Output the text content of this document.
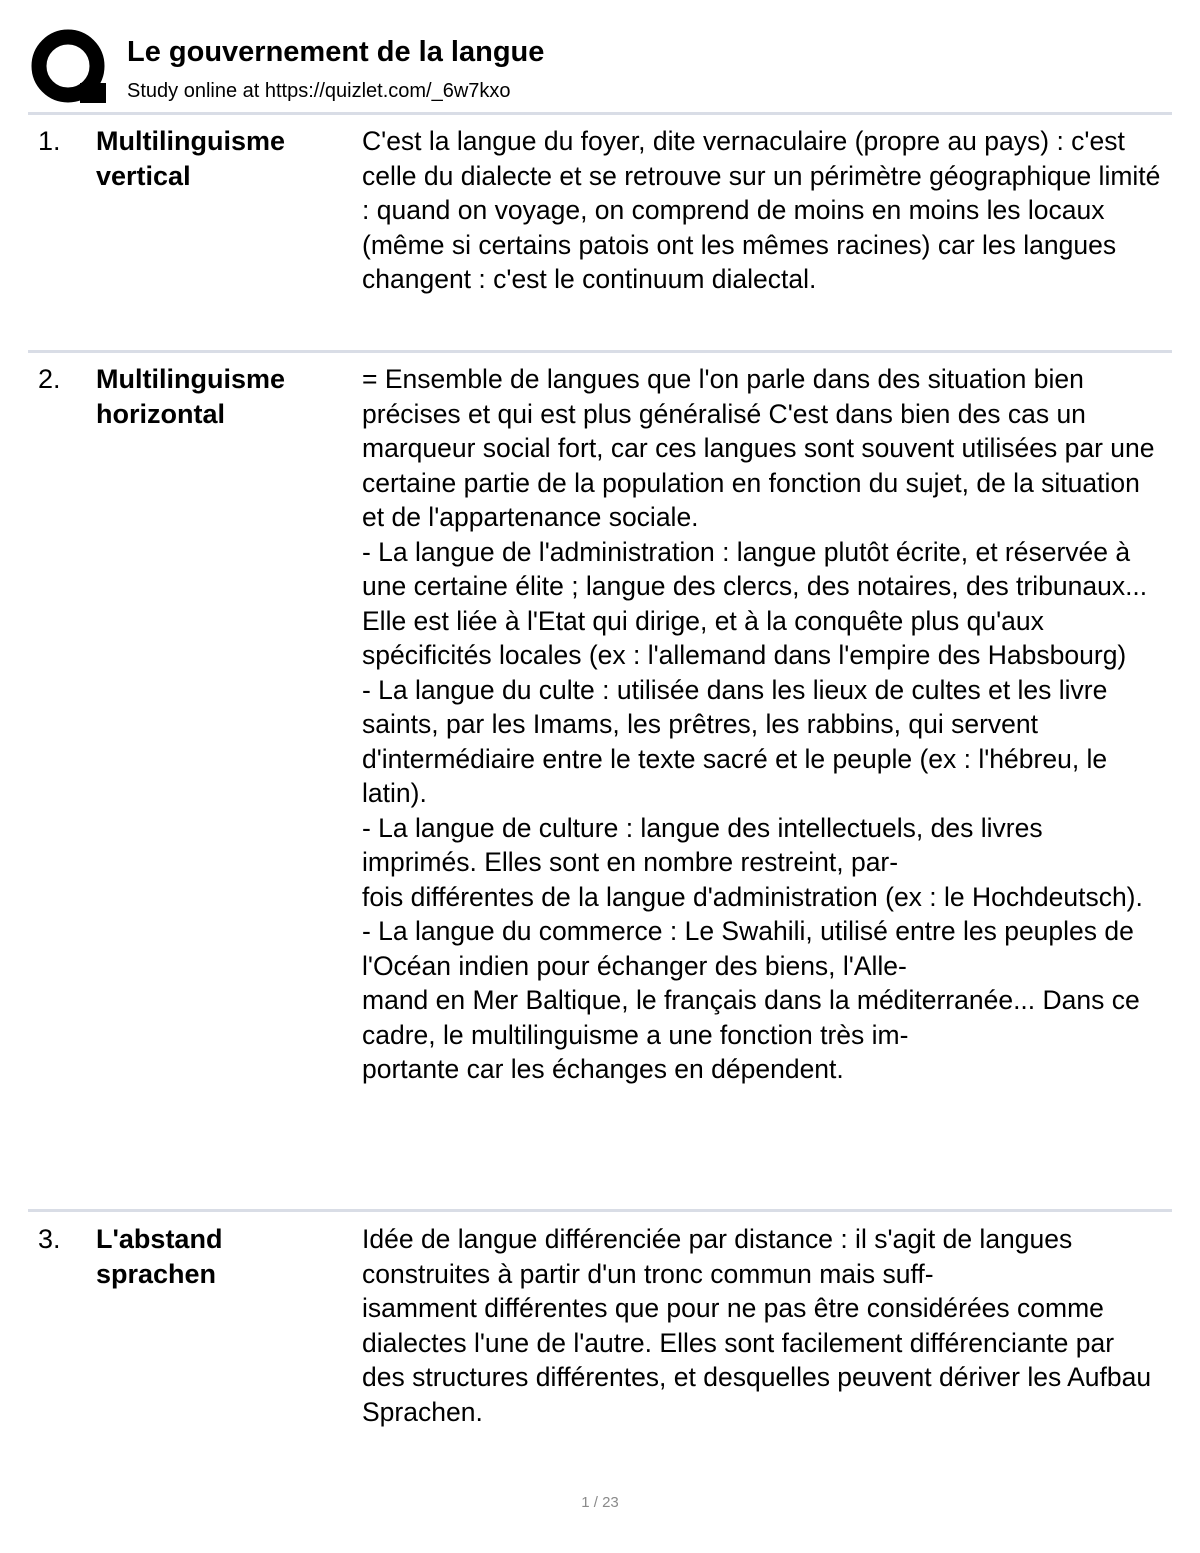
Le gouvernement de la langue
Study online at https://quizlet.com/_6w7kxo
1. Multilinguisme vertical
C'est la langue du foyer, dite vernaculaire (propre au pays) : c'est celle du dialecte et se retrouve sur un périmètre géographique limité : quand on voyage, on comprend de moins en moins les locaux (même si certains patois ont les mêmes racines) car les langues changent : c'est le continuum dialectal.
2. Multilinguisme horizontal
= Ensemble de langues que l'on parle dans des situation bien précises et qui est plus généralisé C'est dans bien des cas un marqueur social fort, car ces langues sont souvent utilisées par une certaine partie de la population en fonction du sujet, de la situation et de l'appartenance sociale.
- La langue de l'administration : langue plutôt écrite, et réservée à une certaine élite ; langue des clercs, des notaires, des tribunaux... Elle est liée à l'Etat qui dirige, et à la conquête plus qu'aux spécificités locales (ex : l'allemand dans l'empire des Habsbourg)
- La langue du culte : utilisée dans les lieux de cultes et les livre saints, par les Imams, les prêtres, les rabbins, qui servent d'intermédiaire entre le texte sacré et le peuple (ex : l'hébreu, le latin).
- La langue de culture : langue des intellectuels, des livres imprimés. Elles sont en nombre restreint, par-
fois différentes de la langue d'administration (ex : le Hochdeutsch).
- La langue du commerce : Le Swahili, utilisé entre les peuples de l'Océan indien pour échanger des biens, l'Alle-
mand en Mer Baltique, le français dans la méditerranée... Dans ce cadre, le multilinguisme a une fonction très im-
portante car les échanges en dépendent.
3. L'abstand sprachen
Idée de langue différenciée par distance : il s'agit de langues construites à partir d'un tronc commun mais suff-
isamment différentes que pour ne pas être considérées comme dialectes l'une de l'autre. Elles sont facilement différenciante par des structures différentes, et desquelles peuvent dériver les Aufbau Sprachen.
1 / 23
